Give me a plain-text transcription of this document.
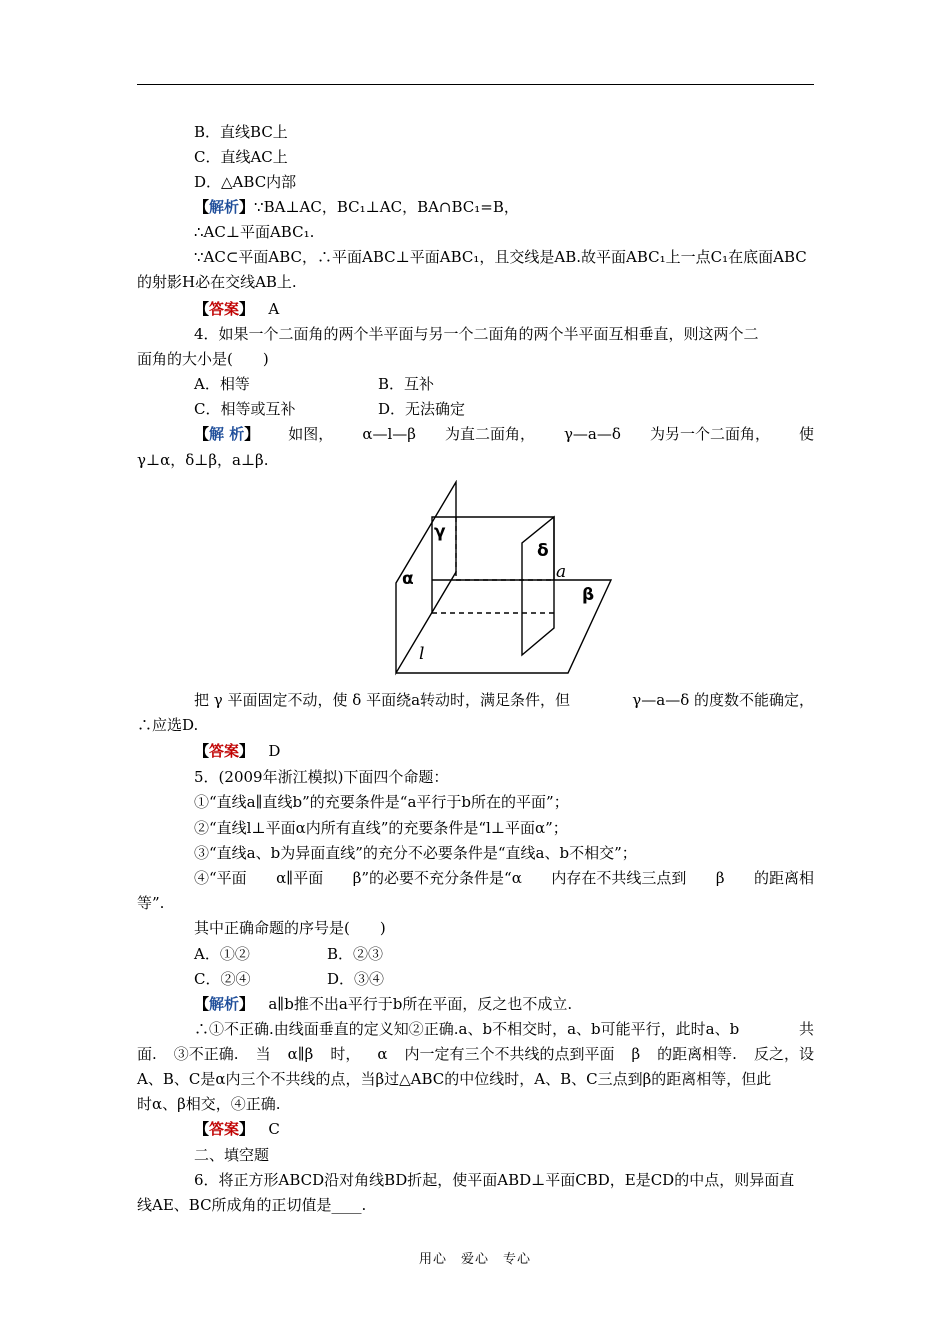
B．直线BC上
C．直线AC上
D．△ABC内部
【解析】∵BA⊥AC，BC₁⊥AC，BA∩BC₁=B，
∴AC⊥平面ABC₁.
∵AC⊂平面ABC，∴平面ABC⊥平面ABC₁，且交线是AB.故平面ABC₁上一点C₁在底面ABC
的射影H必在交线AB上.
【答案】 A
4．如果一个二面角的两个半平面与另一个二面角的两个半平面互相垂直，则这两个二
面角的大小是(　　)
A．相等	B．互补
C．相等或互补	D．无法确定
【解 析】 如图， α—l—β 为直二面角， γ—a—δ 为另一个二面角， 使
γ⊥α，δ⊥β，a⊥β.
α
β
γ
δ
a
l
把 γ 平面固定不动，使 δ 平面绕a转动时，满足条件，但	γ—a—δ 的度数不能确定，
∴应选D.
【答案】 D
5．(2009年浙江模拟)下面四个命题：
①“直线a∥直线b”的充要条件是“a平行于b所在的平面”；
②“直线l⊥平面α内所有直线”的充要条件是“l⊥平面α”；
③“直线a、b为异面直线”的充分不必要条件是“直线a、b不相交”；
④“平面 α∥平面 β”的必要不充分条件是“α 内存在不共线三点到 β 的距离相
等”.
其中正确命题的序号是(　　)
A．①②	B．②③
C．②④	D．③④
【解析】 a∥b推不出a平行于b所在平面，反之也不成立.
∴①不正确.由线面垂直的定义知②正确.a、b不相交时，a、b可能平行，此时a、b	共
面. ③不正确. 当 α∥β 时， α 内一定有三个不共线的点到平面 β 的距离相等. 反之，设
A、B、C是α内三个不共线的点，当β过△ABC的中位线时，A、B、C三点到β的距离相等，但此
时α、β相交，④正确.
【答案】 C
二、填空题
6．将正方形ABCD沿对角线BD折起，使平面ABD⊥平面CBD，E是CD的中点，则异面直
线AE、BC所成角的正切值是____.
用心　爱心　专心
